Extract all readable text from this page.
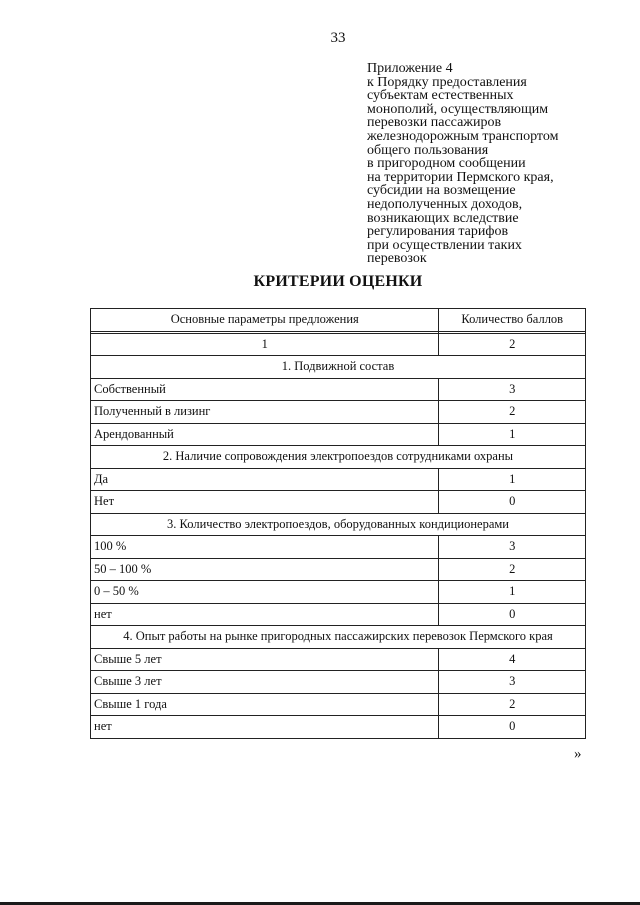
33
Приложение 4
к Порядку предоставления
субъектам естественных
монополий, осуществляющим
перевозки пассажиров
железнодорожным транспортом
общего пользования
в пригородном сообщении
на территории Пермского края,
субсидии на возмещение
недополученных доходов,
возникающих вследствие
регулирования тарифов
при осуществлении таких
перевозок
КРИТЕРИИ ОЦЕНКИ
Основные параметры предложения	Количество баллов

1	2
1. Подвижной состав	
Собственный	3
Полученный в лизинг	2
Арендованный	1
2. Наличие сопровождения электропоездов сотрудниками охраны	
Да	1
Нет	0
3. Количество электропоездов, оборудованных кондиционерами	
100 %	3
50 – 100 %	2
0 – 50 %	1
нет	0
4. Опыт работы на рынке пригородных пассажирских перевозок Пермского края	
Свыше 5 лет	4
Свыше 3 лет	3
Свыше 1 года	2
нет	0
»
